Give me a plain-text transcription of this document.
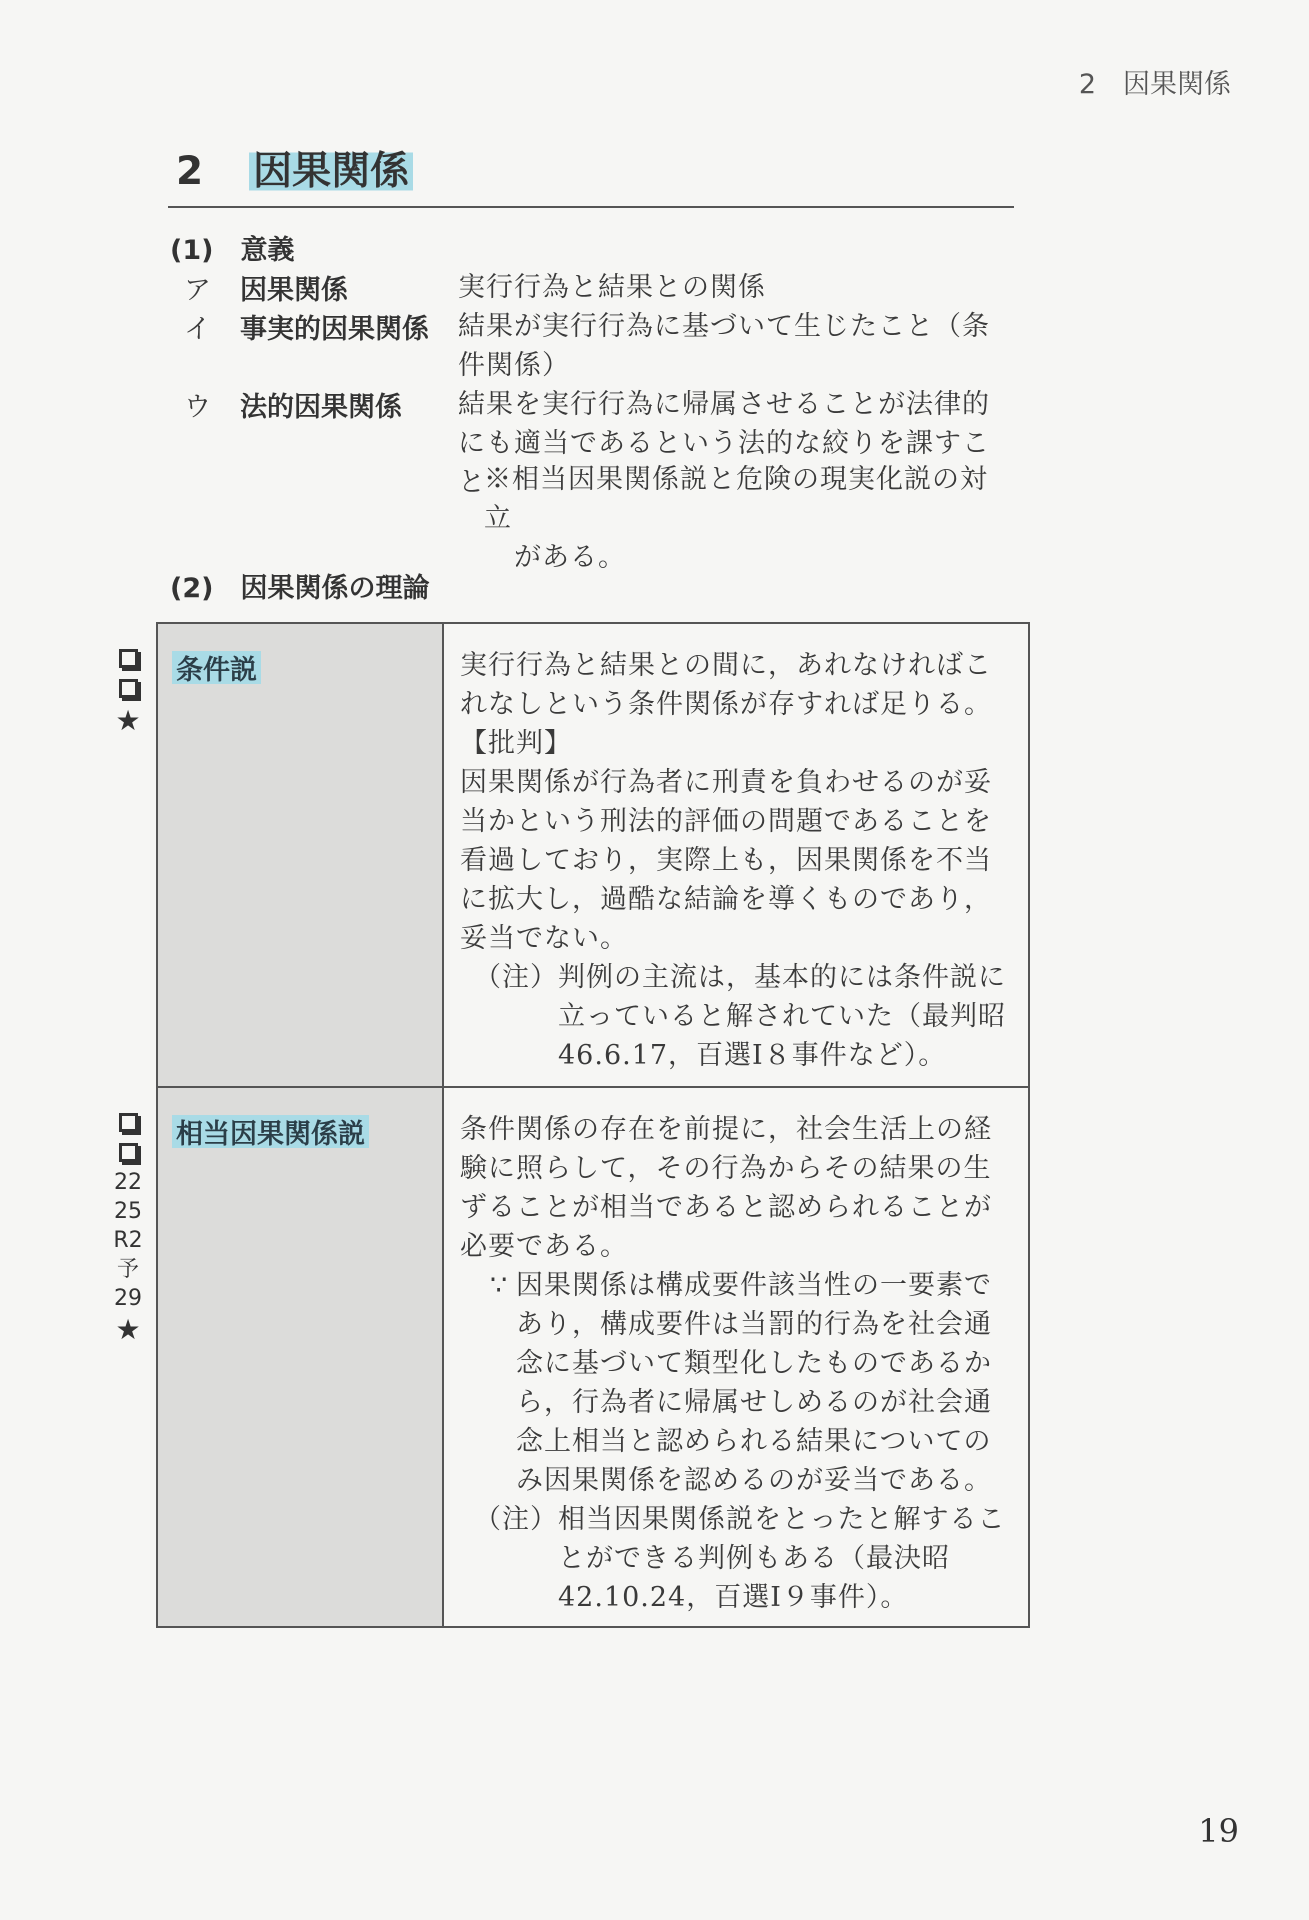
2　因果関係
2 因果関係
(1)　意義
ア	因果関係	実行行為と結果との関係
イ	事実的因果関係	結果が実行行為に基づいて生じたこと（条件関係）
ウ	法的因果関係	結果を実行行為に帰属させることが法律的にも適当であるという法的な絞りを課すこと
※相当因果関係説と危険の現実化説の対立
がある。
(2)　因果関係の理論
★
22
25
R2
予
29
★
条件説	実行行為と結果との間に，あれなければこれなしという条件関係が存すれば足りる。

【批判】

因果関係が行為者に刑責を負わせるのが妥当かという刑法的評価の問題であることを看過しており，実際上も，因果関係を不当に拡大し，過酷な結論を導くものであり，妥当でない。

（注） 判例の主流は，基本的には条件説に立っていると解されていた（最判昭46.6.17，百選Ⅰ８事件など）。
相当因果関係説	条件関係の存在を前提に，社会生活上の経験に照らして，その行為からその結果の生ずることが相当であると認められることが必要である。

∵ 因果関係は構成要件該当性の一要素であり，構成要件は当罰的行為を社会通念に基づいて類型化したものであるから，行為者に帰属せしめるのが社会通念上相当と認められる結果についてのみ因果関係を認めるのが妥当である。
（注） 相当因果関係説をとったと解することができる判例もある（最決昭42.10.24，百選Ⅰ９事件）。
19
